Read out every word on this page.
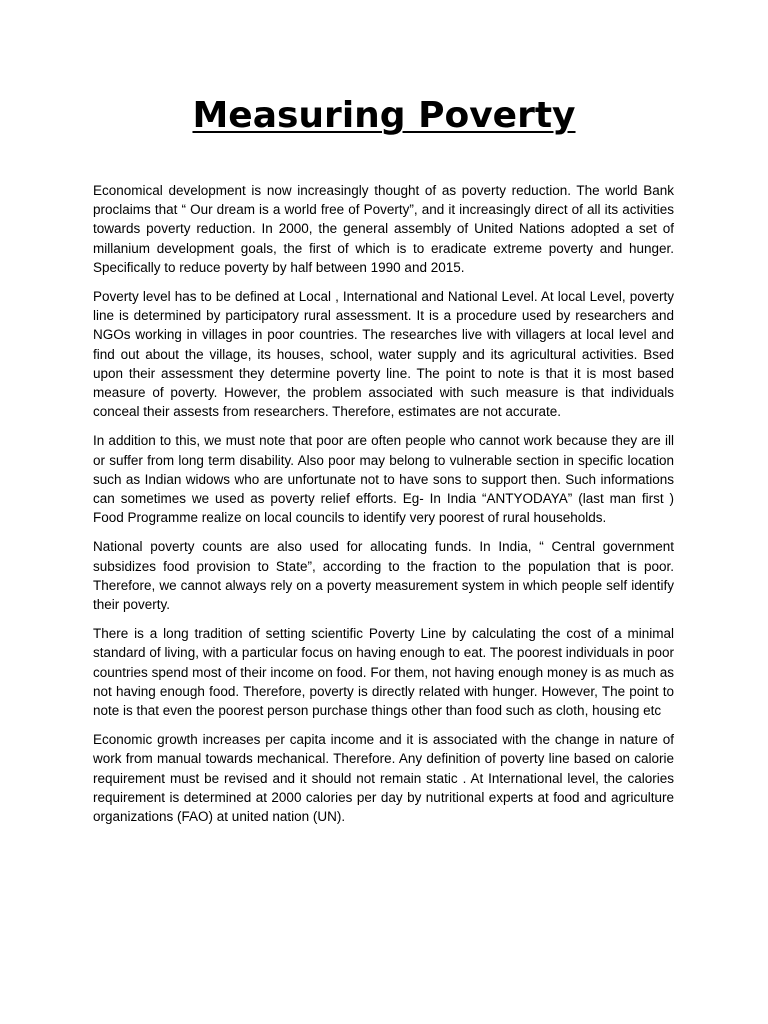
Measuring Poverty

Economical development is now increasingly thought of as poverty reduction. The world Bank proclaims that “ Our dream is a world free of Poverty”, and it increasingly direct of all its activities towards poverty reduction. In 2000, the general assembly of United Nations adopted a set of millanium development goals, the first of which is to eradicate extreme poverty and hunger. Specifically to reduce poverty by half between 1990 and 2015.

Poverty level has to be defined at Local , International and National Level. At local Level, poverty line is determined by participatory rural assessment. It is a procedure used by researchers and NGOs working in villages in poor countries. The researches live with villagers at local level and find out about the village, its houses, school, water supply and its agricultural activities. Bsed upon their assessment they determine poverty line. The point to note is that it is most based measure of poverty. However, the problem associated with such measure is that individuals conceal their assests from researchers. Therefore, estimates are not accurate.

In addition to this, we must note that poor are often people who cannot work because they are ill or suffer from long term disability. Also poor may belong to vulnerable section in specific location such as Indian widows who are unfortunate not to have sons to support then. Such informations can sometimes we used as poverty relief efforts. Eg- In India “ANTYODAYA” (last man first ) Food Programme realize on local councils to identify very poorest of rural households.

National poverty counts are also used for allocating funds. In India, “ Central government subsidizes food provision to State”, according to the fraction to the population that is poor. Therefore, we cannot always rely on a poverty measurement system in which people self identify their poverty.

There is a long tradition of setting scientific Poverty Line by calculating the cost of a minimal standard of living, with a particular focus on having enough to eat. The poorest individuals in poor countries spend most of their income on food. For them, not having enough money is as much as not having enough food. Therefore, poverty is directly related with hunger. However, The point to note is that even the poorest person purchase things other than food such as cloth, housing etc

Economic growth increases per capita income and it is associated with the change in nature of work from manual towards mechanical. Therefore. Any definition of poverty line based on calorie requirement must be revised and it should not remain static . At International level, the calories requirement is determined at 2000 calories per day by nutritional experts at food and agriculture organizations (FAO) at united nation (UN).
